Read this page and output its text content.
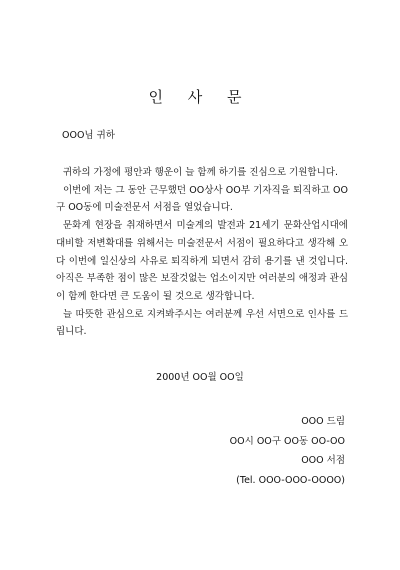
인 사 문
OOO님 귀하

귀하의 가정에 평안과 행운이 늘 함께 하기를 진심으로 기원합니다.

이번에 저는 그 동안 근무했던 OO상사 OO부 기자직을 퇴직하고 OO구 OO동에 미술전문서 서점을 열었습니다.

문화계 현장을 취재하면서 미술계의 발전과 21세기 문화산업시대에 대비할 저변확대를 위해서는 미술전문서 서점이 필요하다고 생각해 오다 이번에 일신상의 사유로 퇴직하게 되면서 감히 용기를 낸 것입니다. 아직은 부족한 점이 많은 보잘것없는 업소이지만 여러분의 애정과 관심이 함께 한다면 큰 도움이 될 것으로 생각합니다.

늘 따뜻한 관심으로 지켜봐주시는 여러분께 우선 서면으로 인사를 드립니다.

2000년 OO월 OO일
OOO 드림
OO시 OO구 OO동 OO-OO
OOO 서점
(Tel. OOO-OOO-OOOO)
